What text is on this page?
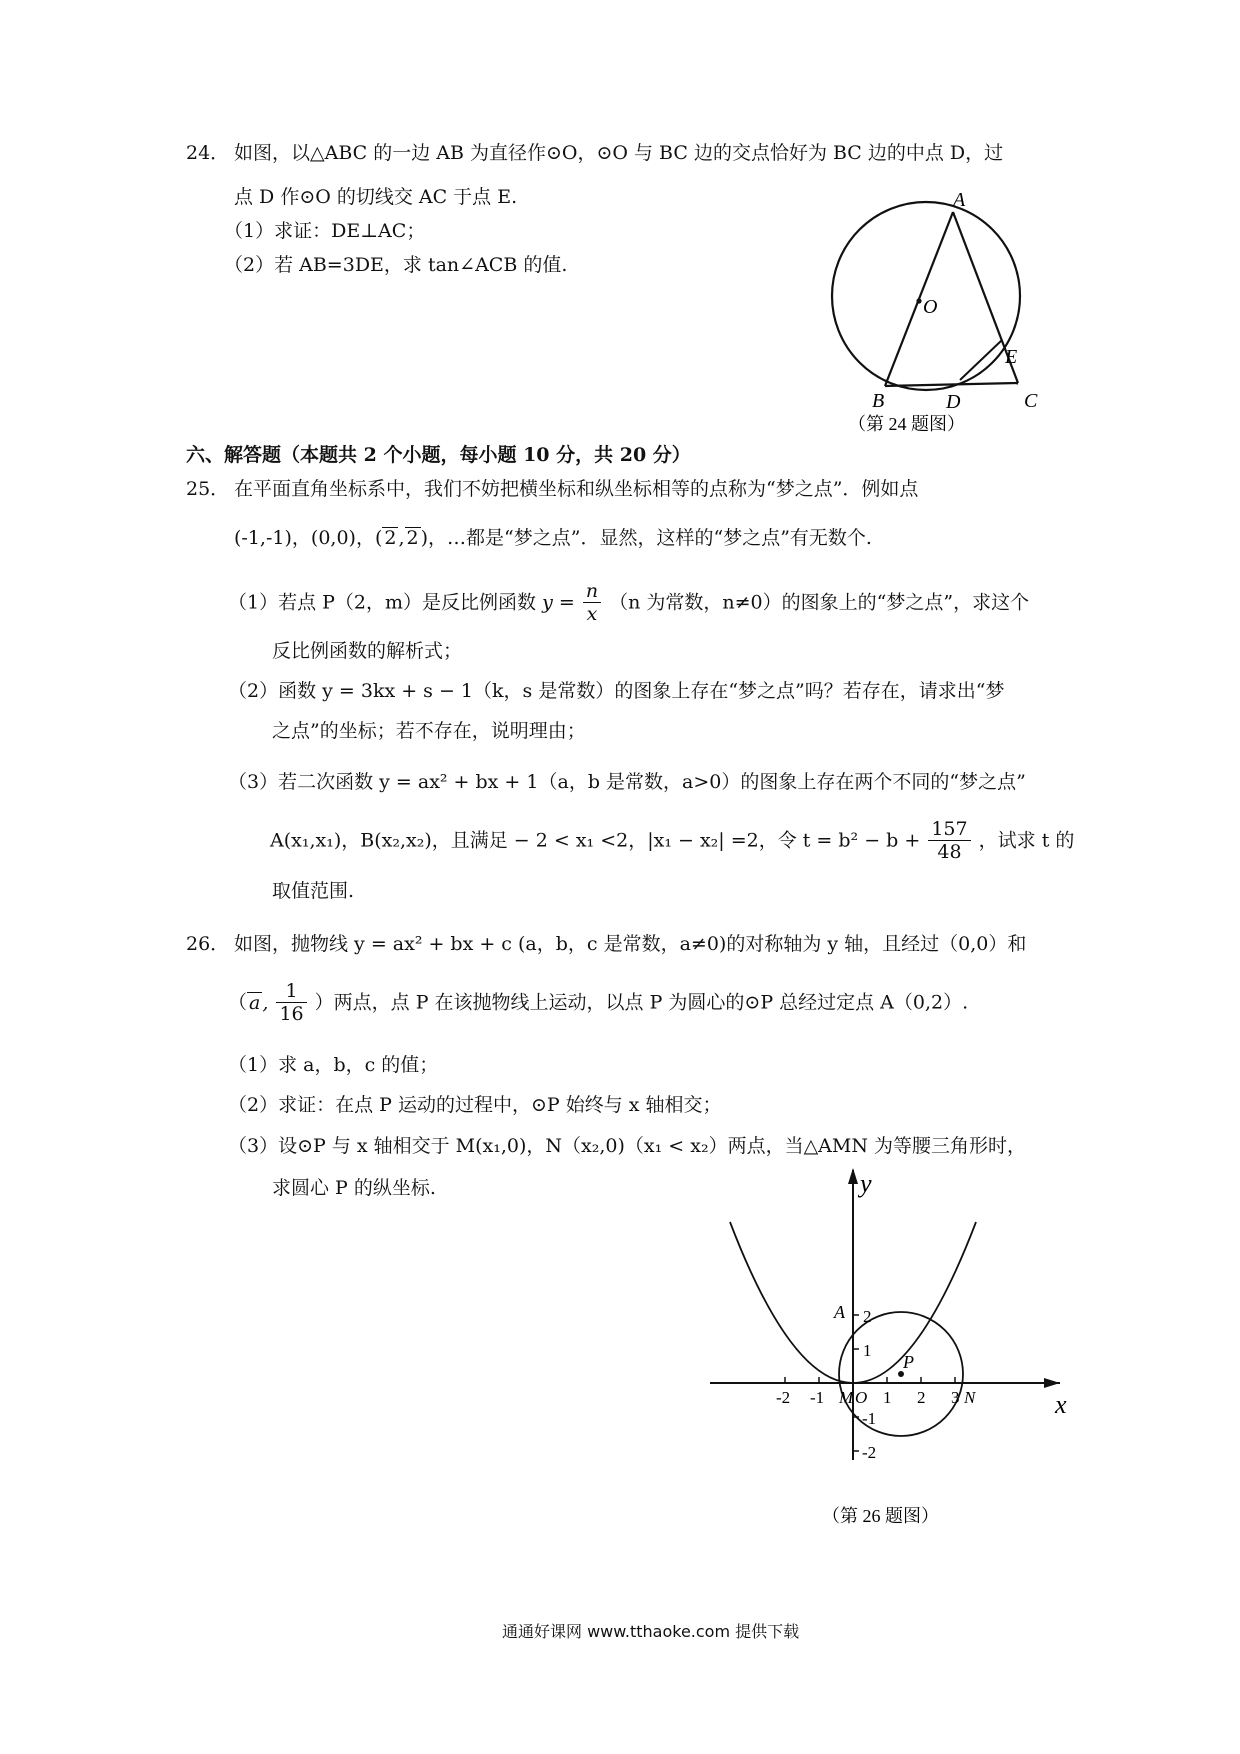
24． 如图，以△ABC 的一边 AB 为直径作⊙O，⊙O 与 BC 边的交点恰好为 BC 边的中点 D，过
点 D 作⊙O 的切线交 AC 于点 E.
（1）求证：DE⊥AC；
（2）若 AB=3DE，求 tan∠ACB 的值.
A
O
E
B	D	C
（第 24 题图）
六、解答题（本题共 2 个小题，每小题 10 分，共 20 分）
25． 在平面直角坐标系中，我们不妨把横坐标和纵坐标相等的点称为“梦之点”．例如点
(-1,-1)，(0,0)，( 2 , 2 )，…都是“梦之点”．显然，这样的“梦之点”有无数个.
（1）若点 P（2，m）是反比例函数 $y = \frac{n}{x} (n$ 为常数，n≠0）的图象上的“梦之点”，求这个
反比例函数的解析式；
（2）函数 y = 3kx + s − 1（k，s 是常数）的图象上存在“梦之点”吗？若存在，请求出“梦
之点”的坐标；若不存在，说明理由；
（3）若二次函数 y = ax² + bx + 1（a，b 是常数，a>0）的图象上存在两个不同的“梦之点”
A(x₁,x₁)，B(x₂,x₂)，且满足 − 2 < x₁ <2，|x₁ − x₂| =2，令 $t = b^2 - b + \frac{157}{48}$ ，试求 t 的
取值范围.
26． 如图，抛物线 y = ax² + bx + c (a，b，c 是常数，a≠0)的对称轴为 y 轴，且经过（0,0）和
（ a , $\frac{1}{16}$ ）两点，点 P 在该抛物线上运动，以点 P 为圆心的⊙P 总经过定点 A（0,2）.
（1）求 a，b，c 的值；
（2）求证：在点 P 运动的过程中，⊙P 始终与 x 轴相交；
（3）设⊙P 与 x 轴相交于 M(x₁,0)，N（x₂,0)（x₁ < x₂）两点，当△AMN 为等腰三角形时，
求圆心 P 的纵坐标.
x
y
-2 -1	1 2 3
2
1
-1
-2
A
P
M O	N
（第 26 题图）
通通好课网 www.tthaoke.com 提供下载
